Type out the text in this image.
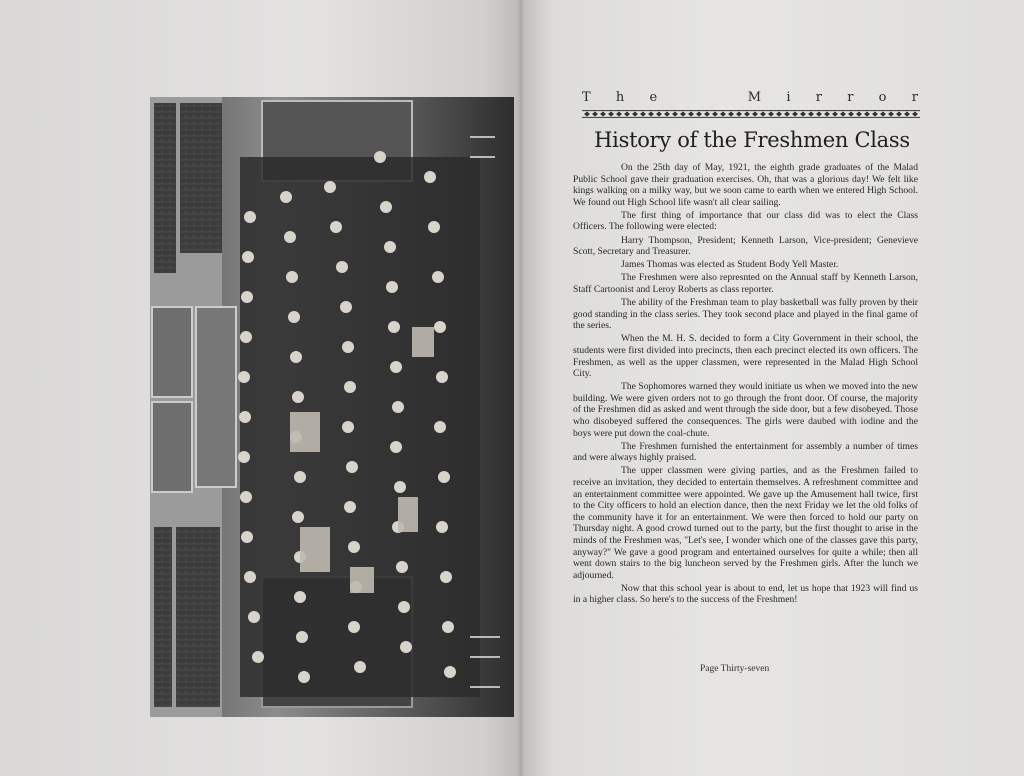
T h e	M i r r o r
History of the Freshmen Class

On the 25th day of May, 1921, the eighth grade graduates of the Malad Public School gave their graduation exercises. Oh, that was a glorious day! We felt like kings walking on a milky way, but we soon came to earth when we entered High School. We found out High School life wasn't all clear sailing.

The first thing of importance that our class did was to elect the Class Officers. The following were elected:

Harry Thompson, President; Kenneth Larson, Vice-president; Genevieve Scott, Secretary and Treasurer.

James Thomas was elected as Student Body Yell Master.

The Freshmen were also represnted on the Annual staff by Kenneth Larson, Staff Cartoonist and Leroy Roberts as class reporter.

The ability of the Freshman team to play basketball was fully proven by their good standing in the class series. They took second place and played in the final game of the series.

When the M. H. S. decided to form a City Government in their school, the students were first divided into precincts, then each precinct elected its own officers. The Freshmen, as well as the upper classmen, were represented in the Malad High School City.

The Sophomores warned they would initiate us when we moved into the new building. We were given orders not to go through the front door. Of course, the majority of the Freshmen did as asked and went through the side door, but a few disobeyed. Those who disobeyed suffered the consequences. The girls were daubed with iodine and the boys were put down the coal-chute.

The Freshmen furnished the entertainment for assembly a number of times and were always highly praised.

The upper classmen were giving parties, and as the Freshmen failed to receive an invitation, they decided to entertain themselves. A refreshment committee and an entertainment committee were appointed. We gave up the Amusement hall twice, first to the City officers to hold an election dance, then the next Friday we let the old folks of the community have it for an entertainment. We were then forced to hold our party on Thursday night. A good crowd turned out to the party, but the first thought to arise in the minds of the Freshmen was, "Let's see, I wonder which one of the classes gave this party, anyway?" We gave a good program and entertained ourselves for quite a while; then all went down stairs to the big luncheon served by the Freshmen girls. After the lunch we adjourned.

Now that this school year is about to end, let us hope that 1923 will find us in a higher class. So here's to the success of the Freshmen!

Page Thirty-seven
